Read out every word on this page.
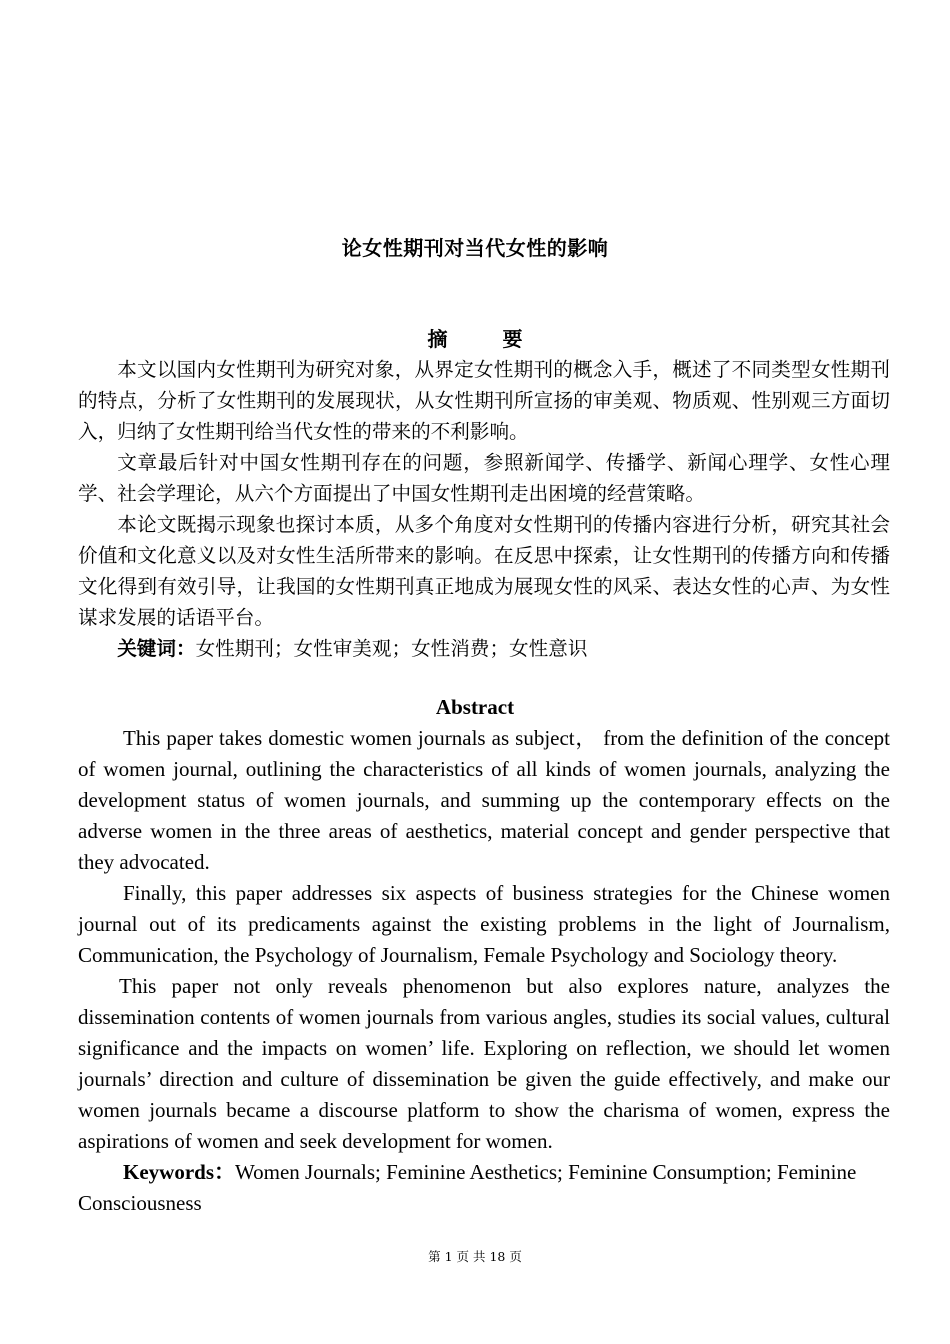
论女性期刊对当代女性的影响
摘 要

本文以国内女性期刊为研究对象，从界定女性期刊的概念入手，概述了不同类型女性期刊的特点，分析了女性期刊的发展现状，从女性期刊所宣扬的审美观、物质观、性别观三方面切入，归纳了女性期刊给当代女性的带来的不利影响。

文章最后针对中国女性期刊存在的问题，参照新闻学、传播学、新闻心理学、女性心理学、社会学理论，从六个方面提出了中国女性期刊走出困境的经营策略。

本论文既揭示现象也探讨本质，从多个角度对女性期刊的传播内容进行分析，研究其社会价值和文化意义以及对女性生活所带来的影响。在反思中探索，让女性期刊的传播方向和传播文化得到有效引导，让我国的女性期刊真正地成为展现女性的风采、表达女性的心声、为女性谋求发展的话语平台。

关键词：女性期刊；女性审美观；女性消费；女性意识

Abstract

This paper takes domestic women journals as subject， from the definition of the concept of women journal, outlining the characteristics of all kinds of women journals, analyzing the development status of women journals, and summing up the contemporary effects on the adverse women in the three areas of aesthetics, material concept and gender perspective that they advocated.

Finally, this paper addresses six aspects of business strategies for the Chinese women journal out of its predicaments against the existing problems in the light of Journalism, Communication, the Psychology of Journalism, Female Psychology and Sociology theory.

This paper not only reveals phenomenon but also explores nature, analyzes the dissemination contents of women journals from various angles, studies its social values, cultural significance and the impacts on women’ life. Exploring on reflection, we should let women journals’ direction and culture of dissemination be given the guide effectively, and make our women journals became a discourse platform to show the charisma of women, express the aspirations of women and seek development for women.

Keywords：Women Journals; Feminine Aesthetics; Feminine Consumption; Feminine Consciousness

第 1 页 共 18 页
